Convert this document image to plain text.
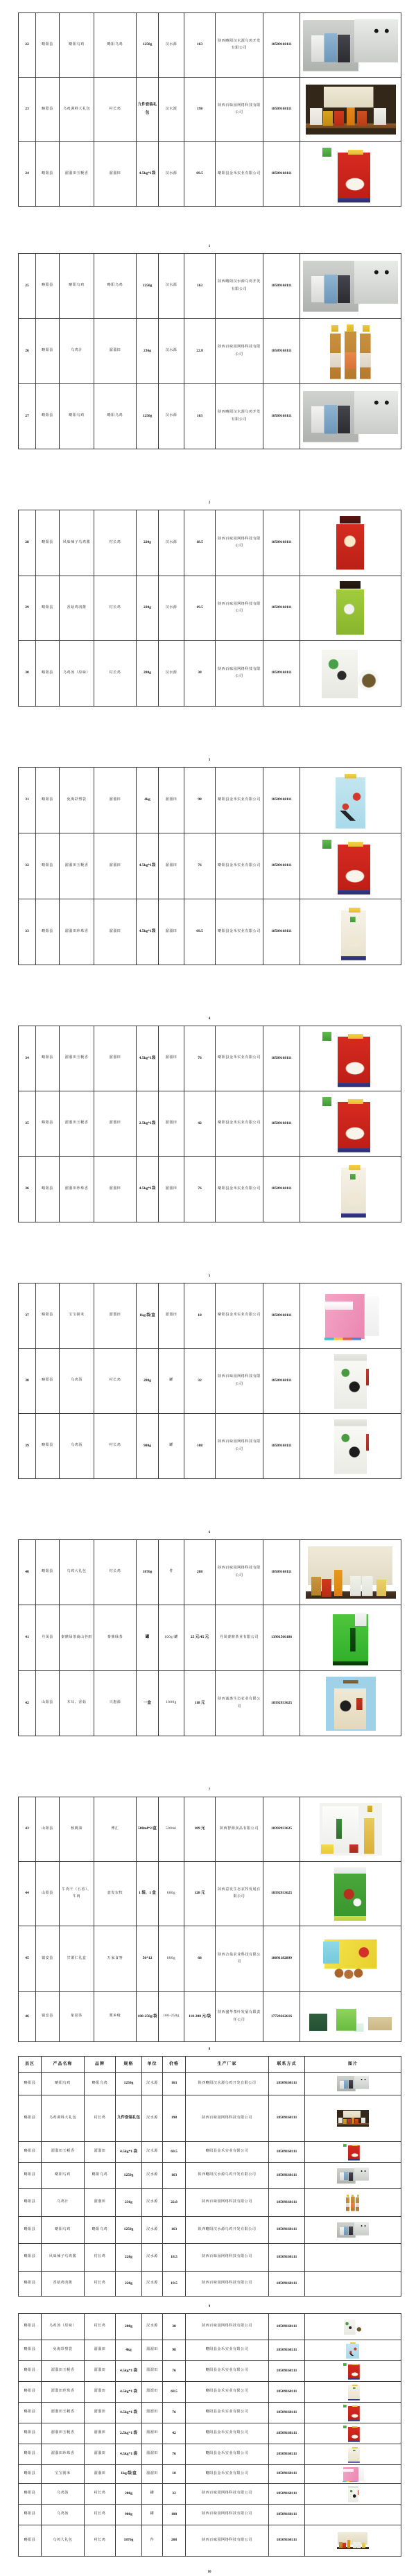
22	略阳县	略阳乌鸡	略阳乌鸡	1250g	汉水源	163	陕西略阳汉水源乌鸡开发有限公司	18509168111	

23	略阳县	乌鸡调料大礼包	村长鸡	九件套装礼包	汉水源	198	陕西百味园网络科技有限公司	18509168111	

24	略阳县	溜溜田玉粳香	溜溜田	4.5kg*1袋	汉水源	69.5	略阳县金禾实业有限公司	18509168111	
1
25	略阳县	略阳乌鸡	略阳乌鸡	1250g	汉水源	163	陕西略阳汉水源乌鸡开发有限公司	18509168111	

26	略阳县	乌鸡汁	溜溜田	236g	汉水源	22.8	陕西百味园网络科技有限公司	18509168111	

27	略阳县	略阳乌鸡	略阳乌鸡	1250g	汉水源	163	陕西略阳汉水源乌鸡开发有限公司	18509168111	
2
28	略阳县	风味辣子乌鸡酱	村长鸡	220g	汉水源	18.5	陕西百味园网络科技有限公司	18509168111	

29	略阳县	香菇鸡肉酱	村长鸡	220g	汉水源	19.5	陕西百味园网络科技有限公司	18509168111	

30	略阳县	乌鸡汤（原味）	村长鸡	280g	汉水源	38	陕西百味园网络科技有限公司	18509168111	
3
31	略阳县	免淘彩塑袋	溜溜田	4kg	溜溜田	98	略阳县金禾实业有限公司	18509168111	

32	略阳县	溜溜田玉粳香	溜溜田	4.5kg*1袋	溜溜田	76	略阳县金禾实业有限公司	18509168111	

33	略阳县	溜溜田珍珠香	溜溜田	4.5kg*1袋	溜溜田	69.5	略阳县金禾实业有限公司	18509168111	
4
34	略阳县	溜溜田玉粳香	溜溜田	4.5kg*1袋	溜溜田	76	略阳县金禾实业有限公司	18509168111	

35	略阳县	溜溜田玉粳香	溜溜田	2.5kg*1袋	溜溜田	42	略阳县金禾实业有限公司	18509168111	

36	略阳县	溜溜田珍珠香	溜溜田	4.5kg*1袋	溜溜田	76	略阳县金禾实业有限公司	18509168111	
5
37	略阳县	宝宝粥米	溜溜田	1kg/袋/盒	溜溜田	18	略阳县金禾实业有限公司	18509168111	

38	略阳县	乌鸡汤	村长鸡	280g	罐	32	陕西百味园网络科技有限公司	18509168111	

39	略阳县	乌鸡汤	村长鸡	980g	罐	108	陕西百味园网络科技有限公司	18509168111	
6
40	略阳县	乌鸡大礼包	村长鸡	1876g	件	208	陕西百味园网络科技有限公司	18509168111	

41	丹凤县	秦鼎绿茶商山谷雨	秦鼎绿茶	罐	100g/罐	25 元/45 元	丹凤秦鼎茶业有限公司	13991566186	

42	山阳县	木耳、香菇	兴惠源	一盒	1000g	118 元	陕西诚惠生态农业有限公司	18392933625	
7
43	山阳县	核桃油	博汇	500ml*2/盒	500ml	189 元	陕西智源食品有限公司	18392933625	

44	山阳县	牛肉干（五香）、牛肉	意发农牧	1 袋、1 盒	680g	128 元	陕西意发生态农牧发展有限公司	18392933625	

45	镇安县	甘栗仁礼盒	万家食客	50*12	600g	68	陕西合曼农业科技有限公司	18091182899	

46	镇安县	象园茶	栗乡缘	100-250g/袋	100-250g	118-288 元/袋	陕西盛华茶叶发展有限责任公司	17729262616	
8
县区	产品名称	品牌	规格	单位	价格	生产厂家	联系方式	图片
略阳县	略阳乌鸡	略阳乌鸡	1250g	汉水源	163	陕西略阳汉水源乌鸡开发有限公司	18509168111	

略阳县	乌鸡调料大礼包	村长鸡	九件套装礼包	汉水源	198	陕西百味园网络科技有限公司	18509168111	

略阳县	溜溜田玉粳香	溜溜田	4.5kg*1 袋	汉水源	69.5	略阳县金禾实业有限公司	18509168111	

略阳县	略阳乌鸡	略阳乌鸡	1250g	汉水源	163	陕西略阳汉水源乌鸡开发有限公司	18509168111	

略阳县	乌鸡汁	溜溜田	236g	汉水源	22.8	陕西百味园网络科技有限公司	18509168111	

略阳县	略阳乌鸡	略阳乌鸡	1250g	汉水源	163	陕西略阳汉水源乌鸡开发有限公司	18509168111	

略阳县	风味辣子乌鸡酱	村长鸡	220g	汉水源	18.5	陕西百味园网络科技有限公司	18509168111	
略阳县	香菇鸡肉酱	村长鸡	220g	汉水源	19.5	陕西百味园网络科技有限公司	18509168111	
9
略阳县	乌鸡汤（原味）	村长鸡	280g	汉水源	38	陕西百味园网络科技有限公司	18509168111	

略阳县	免淘彩塑袋	溜溜田	4kg	溜溜田	98	略阳县金禾实业有限公司	18509168111	

略阳县	溜溜田玉粳香	溜溜田	4.5kg*1 袋	溜溜田	76	略阳县金禾实业有限公司	18509168111	

略阳县	溜溜田珍珠香	溜溜田	4.5kg*1 袋	溜溜田	69.5	略阳县金禾实业有限公司	18509168111	

略阳县	溜溜田玉粳香	溜溜田	4.5kg*1 袋	溜溜田	76	略阳县金禾实业有限公司	18509168111	

略阳县	溜溜田玉粳香	溜溜田	2.5kg*1 袋	溜溜田	42	略阳县金禾实业有限公司	18509168111	

略阳县	溜溜田珍珠香	溜溜田	4.5kg*1 袋	溜溜田	76	略阳县金禾实业有限公司	18509168111	

略阳县	宝宝粥米	溜溜田	1kg/袋/盒	溜溜田	18	略阳县金禾实业有限公司	18509168111	

略阳县	乌鸡汤	村长鸡	280g	罐	32	陕西百味园网络科技有限公司	18509168111	

略阳县	乌鸡汤	村长鸡	980g	罐	108	陕西百味园网络科技有限公司	18509168111	
略阳县	乌鸡大礼包	村长鸡	1876g	件	208	陕西百味园网络科技有限公司	18509168111	
10
